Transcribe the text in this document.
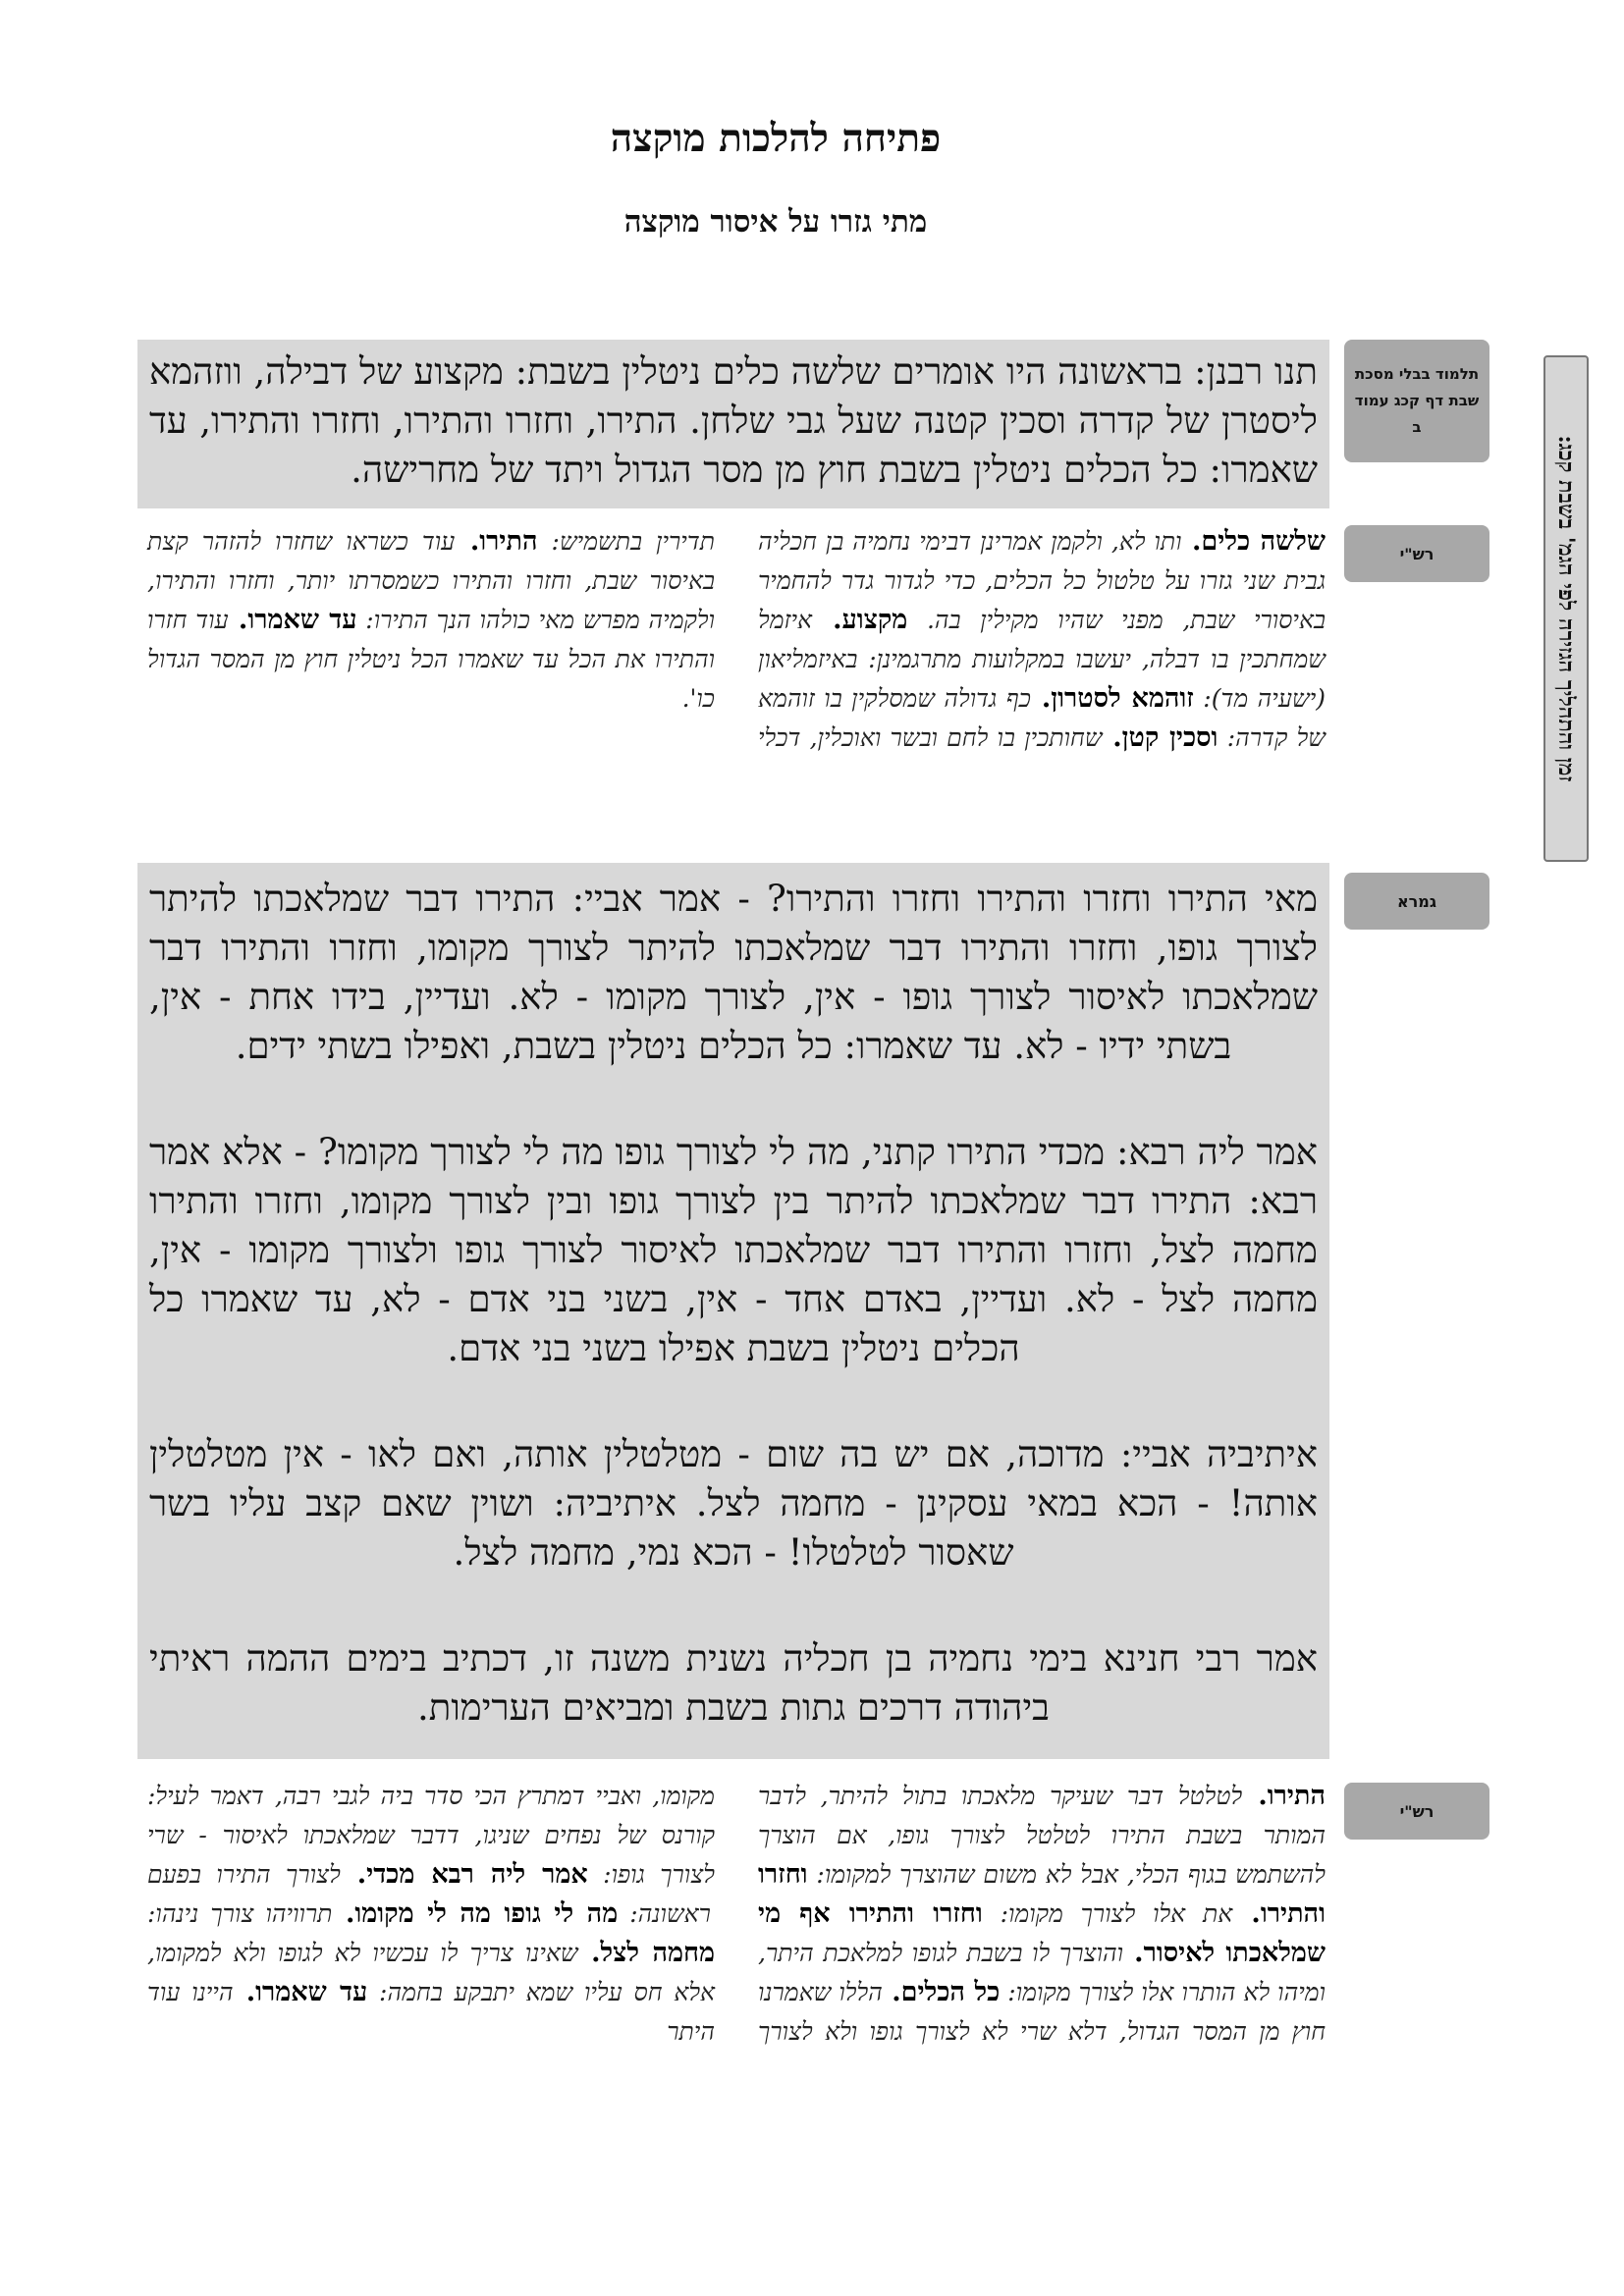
פתיחה להלכות מוקצה
מתי גזרו על איסור מוקצה
זמן והתהליך הגזירה לפי הגמ' בשבת קכג:
תלמוד בבלי מסכת שבת דף קכג עמוד ב
רש"י
גמרא
רש"י

תנו רבנן: בראשונה היו אומרים שלשה כלים ניטלין בשבת: מקצוע של דבילה, ווזהמא ליסטרן של קדרה וסכין קטנה שעל גבי שלחן. התירו, וחזרו והתירו, וחזרו והתירו, עד שאמרו: כל הכלים ניטלין בשבת חוץ מן מסר הגדול ויתד של מחרישה.

שלשה כלים. ותו לא, ולקמן אמרינן דבימי נחמיה בן חכליה גבית שני גזרו על טלטול כל הכלים, כדי לגדור גדר להחמיר באיסורי שבת, מפני שהיו מקילין בה. מקצוע. איזמל שמחתכין בו דבלה, יעשבו במקלועות מתרגמינן: באיזמליאון (ישעיה מד): זוהמא לסטרון. כף גדולה שמסלקין בו זוהמא של קדרה: וסכין קטן. שחותכין בו לחם ובשר ואוכלין, דכלי תדירין בתשמיש: התירו. עוד כשראו שחזרו להזהר קצת באיסור שבת, וחזרו והתירו כשמסרתו יותר, וחזרו והתירו, ולקמיה מפרש מאי כולהו הנך התירו: עד שאמרו. עוד חזרו והתירו את הכל עד שאמרו הכל ניטלין חוץ מן המסר הגדול כו'.

מאי התירו וחזרו והתירו וחזרו והתירו? - אמר אביי: התירו דבר שמלאכתו להיתר לצורך גופו, וחזרו והתירו דבר שמלאכתו להיתר לצורך מקומו, וחזרו והתירו דבר שמלאכתו לאיסור לצורך גופו - אין, לצורך מקומו - לא. ועדיין, בידו אחת - אין, בשתי ידיו - לא. עד שאמרו: כל הכלים ניטלין בשבת, ואפילו בשתי ידים.

אמר ליה רבא: מכדי התירו קתני, מה לי לצורך גופו מה לי לצורך מקומו? - אלא אמר רבא: התירו דבר שמלאכתו להיתר בין לצורך גופו ובין לצורך מקומו, וחזרו והתירו מחמה לצל, וחזרו והתירו דבר שמלאכתו לאיסור לצורך גופו ולצורך מקומו - אין, מחמה לצל - לא. ועדיין, באדם אחד - אין, בשני בני אדם - לא, עד שאמרו כל הכלים ניטלין בשבת אפילו בשני בני אדם.

איתיביה אביי: מדוכה, אם יש בה שום - מטלטלין אותה, ואם לאו - אין מטלטלין אותה! - הכא במאי עסקינן - מחמה לצל. איתיביה: ושוין שאם קצב עליו בשר שאסור לטלטלו! - הכא נמי, מחמה לצל.

אמר רבי חנינא בימי נחמיה בן חכליה נשנית משנה זו, דכתיב בימים ההמה ראיתי ביהודה דרכים גתות בשבת ומביאים הערימות.

התירו. לטלטל דבר שעיקר מלאכתו בתול להיתר, לדבר המותר בשבת התירו לטלטל לצורך גופו, אם הוצרך להשתמש בגוף הכלי, אבל לא משום שהוצרך למקומו: וחזרו והתירו. את אלו לצורך מקומו: וחזרו והתירו אף מי שמלאכתו לאיסור. והוצרך לו בשבת לגופו למלאכת היתר, ומיהו לא הותרו אלו לצורך מקומו: כל הכלים. הללו שאמרנו חוץ מן המסר הגדול, דלא שרי לא לצורך גופו ולא לצורך מקומו, ואביי דמתרץ הכי סדר ביה לגבי רבה, דאמר לעיל: קורנס של נפחים שניגו, דדבר שמלאכתו לאיסור - שרי לצורך גופו: אמר ליה רבא מכדי. לצורך התירו בפעם ראשונה: מה לי גופו מה לי מקומו. תרוויהו צורך נינהו: מחמה לצל. שאינו צריך לו עכשיו לא לגופו ולא למקומו, אלא חס עליו שמא יתבקע בחמה: עד שאמרו. היינו עוד היתר
